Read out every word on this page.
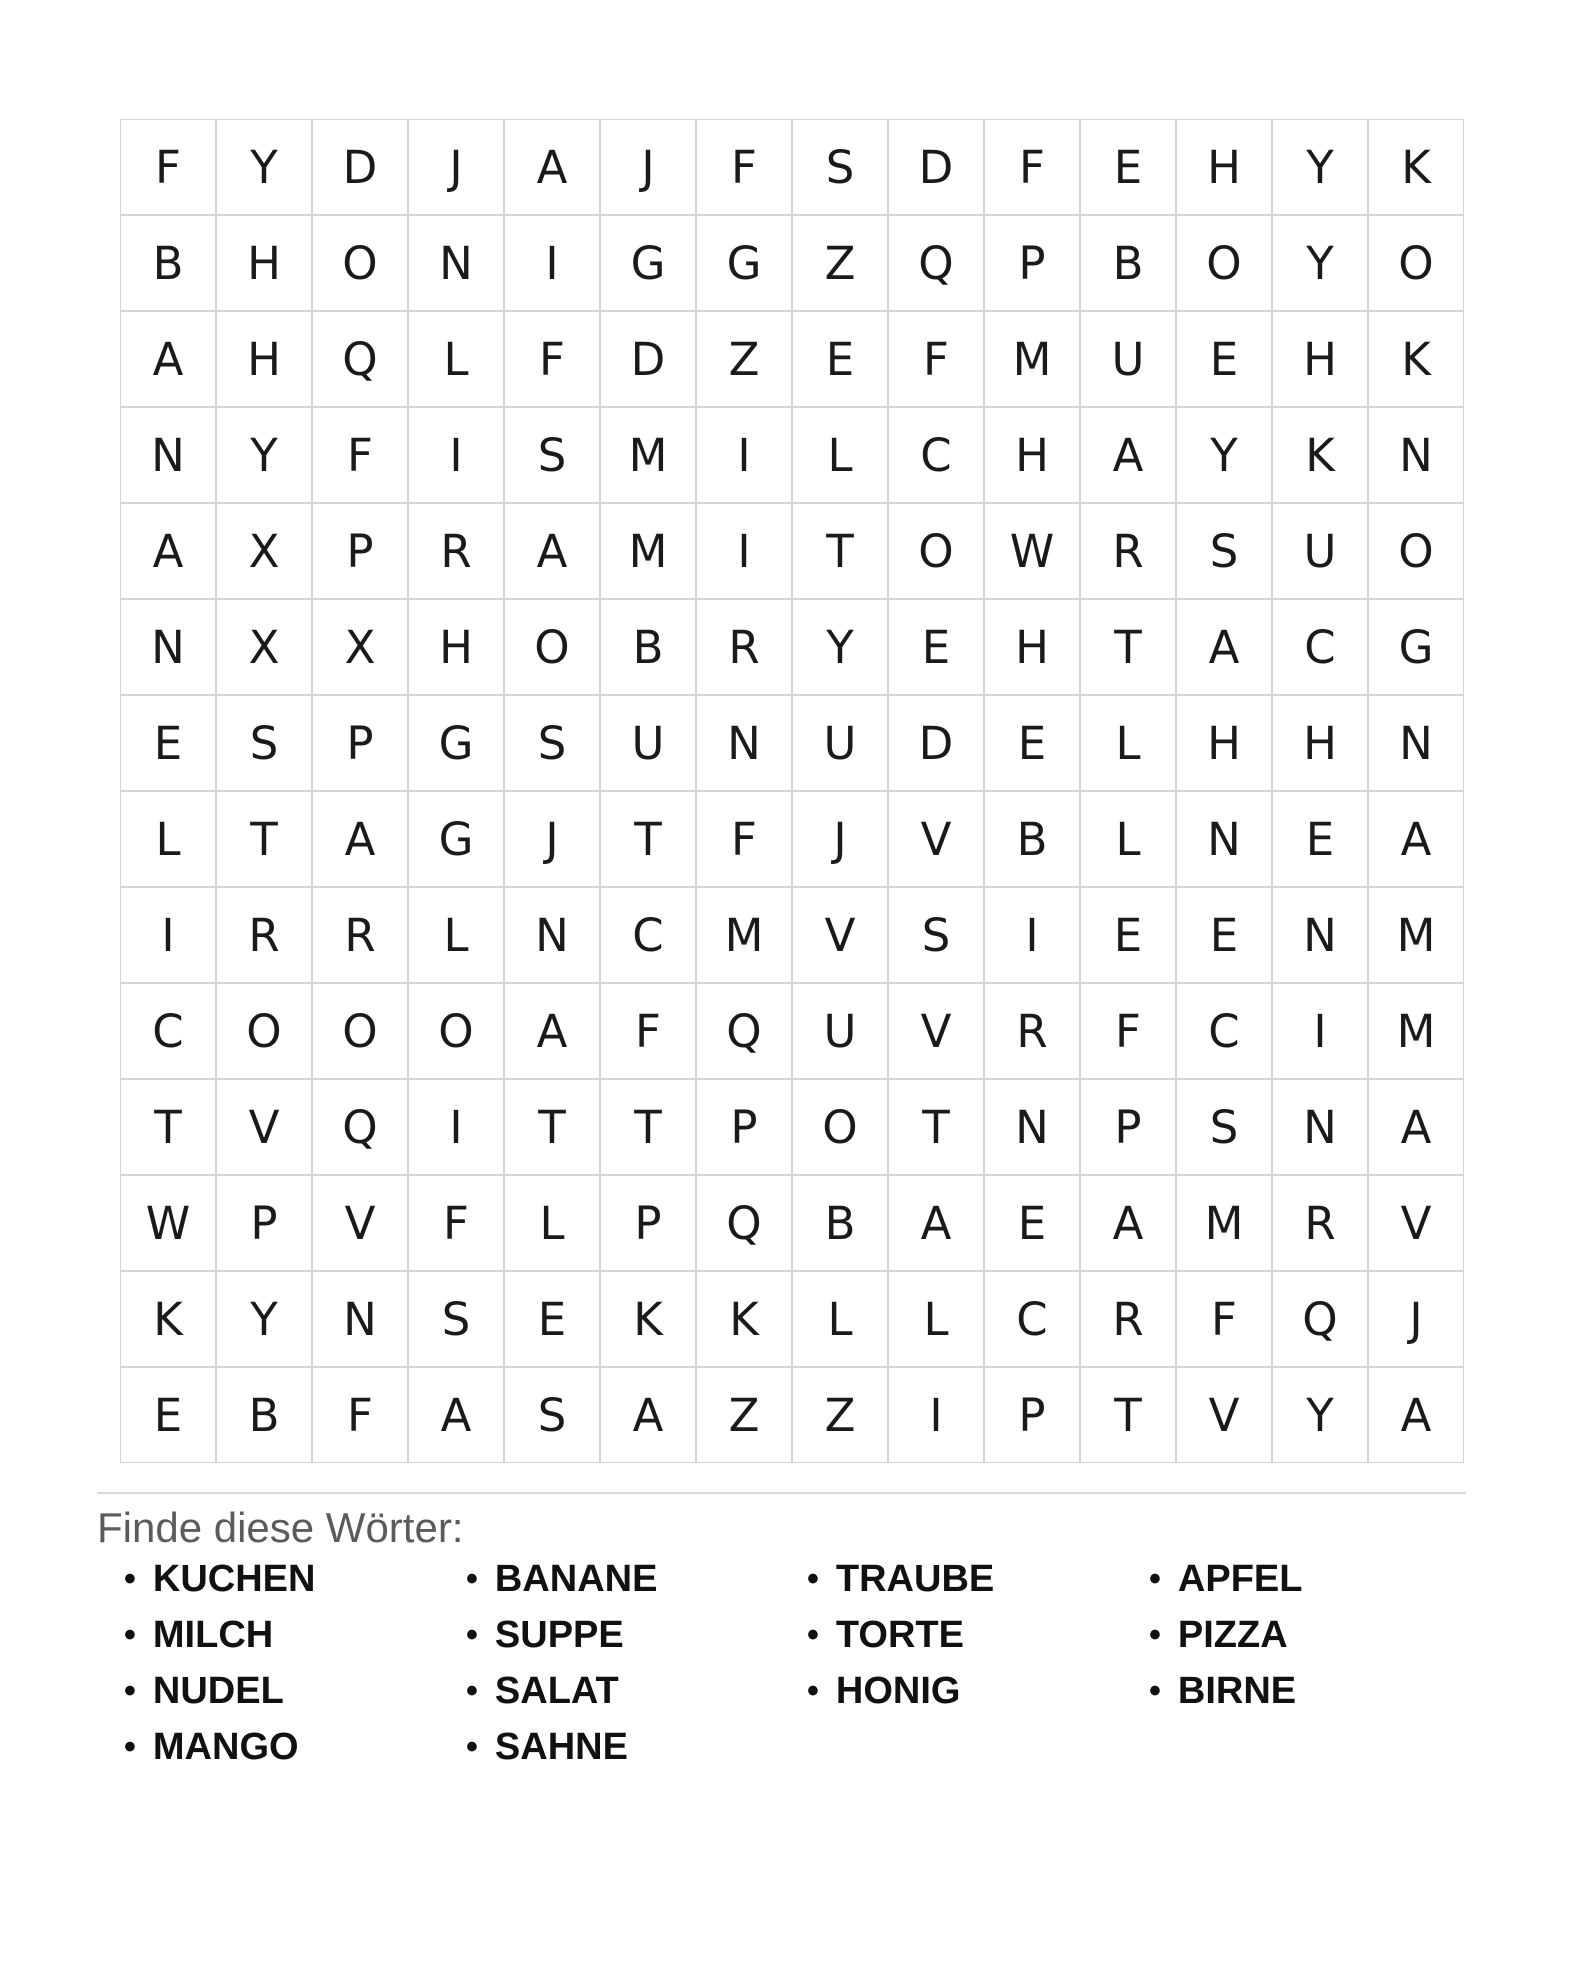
F	Y	D	J	A	J	F	S	D	F	E	H	Y	K
B	H	O	N	I	G	G	Z	Q	P	B	O	Y	O
A	H	Q	L	F	D	Z	E	F	M	U	E	H	K
N	Y	F	I	S	M	I	L	C	H	A	Y	K	N
A	X	P	R	A	M	I	T	O	W	R	S	U	O
N	X	X	H	O	B	R	Y	E	H	T	A	C	G
E	S	P	G	S	U	N	U	D	E	L	H	H	N
L	T	A	G	J	T	F	J	V	B	L	N	E	A
I	R	R	L	N	C	M	V	S	I	E	E	N	M
C	O	O	O	A	F	Q	U	V	R	F	C	I	M
T	V	Q	I	T	T	P	O	T	N	P	S	N	A
W	P	V	F	L	P	Q	B	A	E	A	M	R	V
K	Y	N	S	E	K	K	L	L	C	R	F	Q	J
E	B	F	A	S	A	Z	Z	I	P	T	V	Y	A
Finde diese Wörter:
• KUCHEN
• MILCH
• NUDEL
• MANGO
• BANANE
• SUPPE
• SALAT
• SAHNE
• TRAUBE
• TORTE
• HONIG
• APFEL
• PIZZA
• BIRNE
